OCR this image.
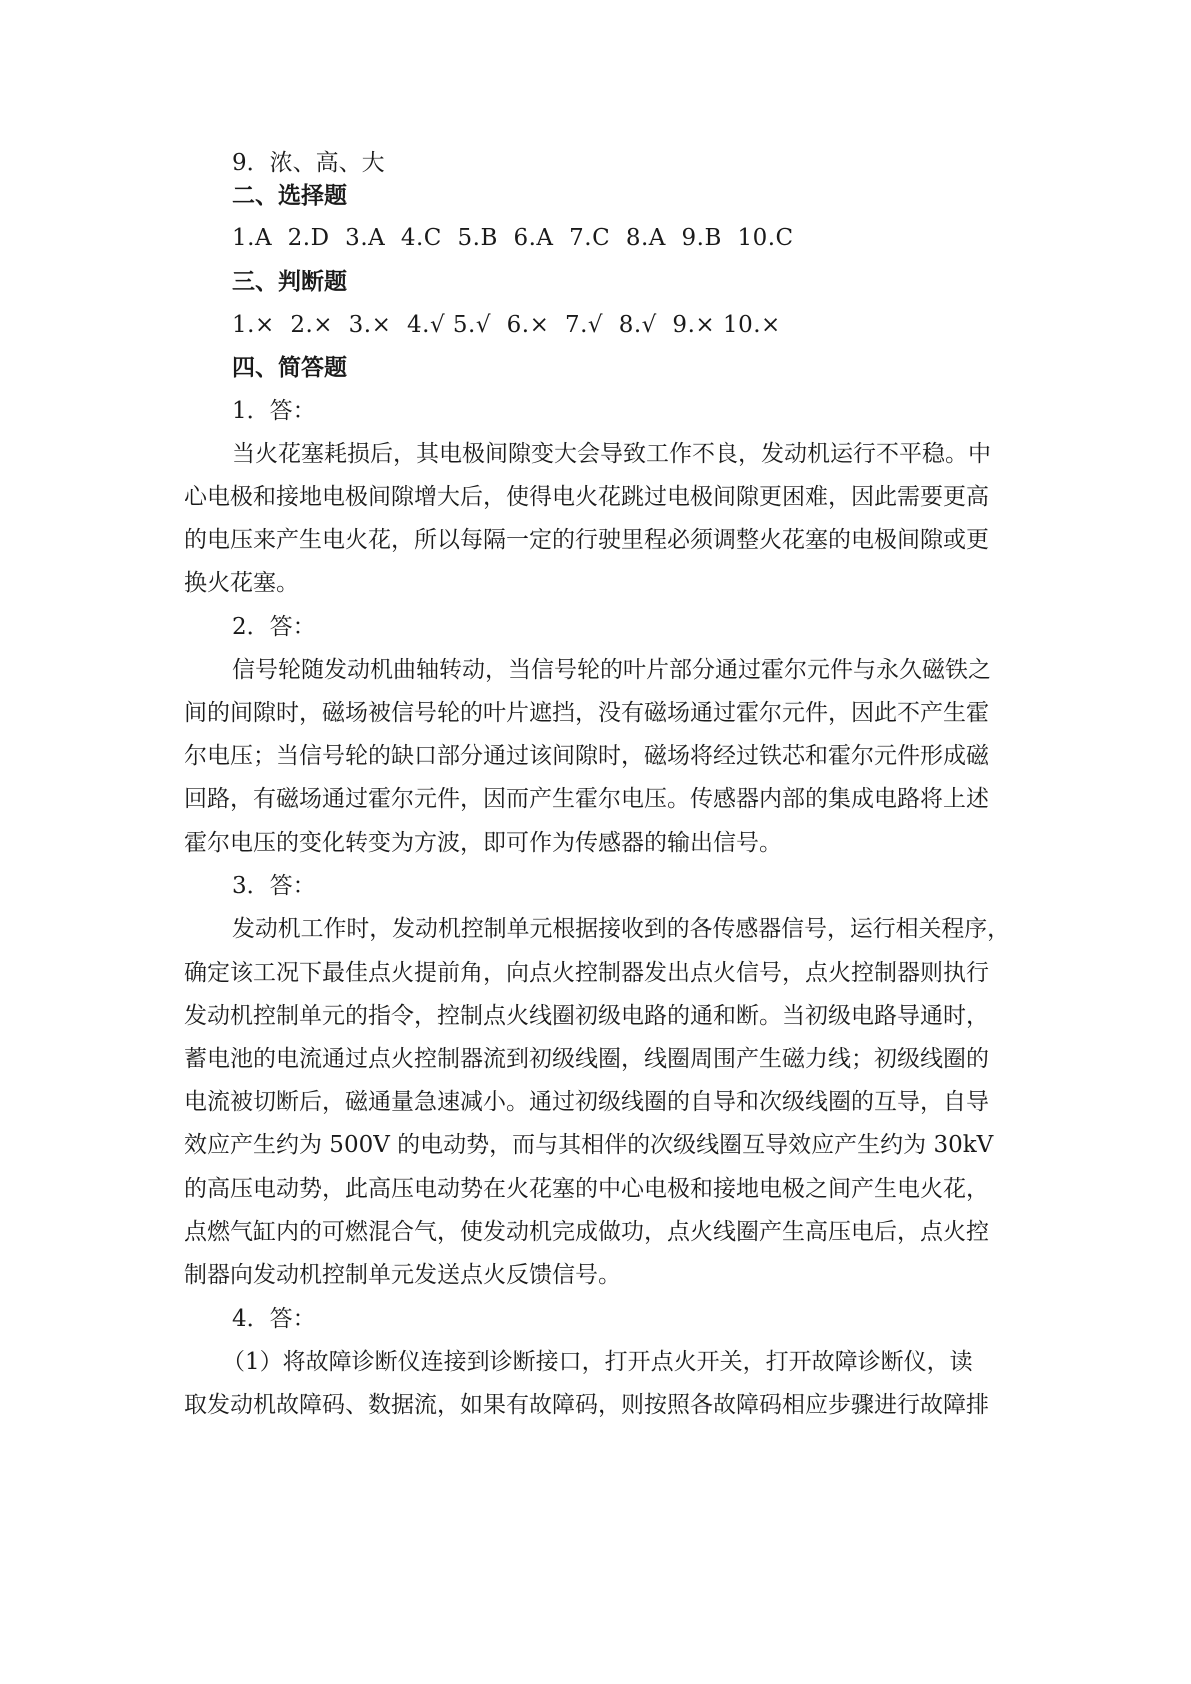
9．浓、高、大
二、选择题
1.A  2.D  3.A  4.C  5.B  6.A  7.C  8.A  9.B  10.C
三、判断题
1.×  2.×  3.×  4.√ 5.√  6.×  7.√  8.√  9.× 10.×
四、简答题
1．答：
当火花塞耗损后，其电极间隙变大会导致工作不良，发动机运行不平稳。中
心电极和接地电极间隙增大后，使得电火花跳过电极间隙更困难，因此需要更高
的电压来产生电火花，所以每隔一定的行驶里程必须调整火花塞的电极间隙或更
换火花塞。
2．答：
信号轮随发动机曲轴转动，当信号轮的叶片部分通过霍尔元件与永久磁铁之
间的间隙时，磁场被信号轮的叶片遮挡，没有磁场通过霍尔元件，因此不产生霍
尔电压；当信号轮的缺口部分通过该间隙时，磁场将经过铁芯和霍尔元件形成磁
回路，有磁场通过霍尔元件，因而产生霍尔电压。传感器内部的集成电路将上述
霍尔电压的变化转变为方波，即可作为传感器的输出信号。
3．答：
发动机工作时，发动机控制单元根据接收到的各传感器信号，运行相关程序，
确定该工况下最佳点火提前角，向点火控制器发出点火信号，点火控制器则执行
发动机控制单元的指令，控制点火线圈初级电路的通和断。当初级电路导通时，
蓄电池的电流通过点火控制器流到初级线圈，线圈周围产生磁力线；初级线圈的
电流被切断后，磁通量急速减小。通过初级线圈的自导和次级线圈的互导，自导
效应产生约为 500V 的电动势，而与其相伴的次级线圈互导效应产生约为 30kV
的高压电动势，此高压电动势在火花塞的中心电极和接地电极之间产生电火花，
点燃气缸内的可燃混合气，使发动机完成做功，点火线圈产生高压电后，点火控
制器向发动机控制单元发送点火反馈信号。
4．答：
（1）将故障诊断仪连接到诊断接口，打开点火开关，打开故障诊断仪，读
取发动机故障码、数据流，如果有故障码，则按照各故障码相应步骤进行故障排
